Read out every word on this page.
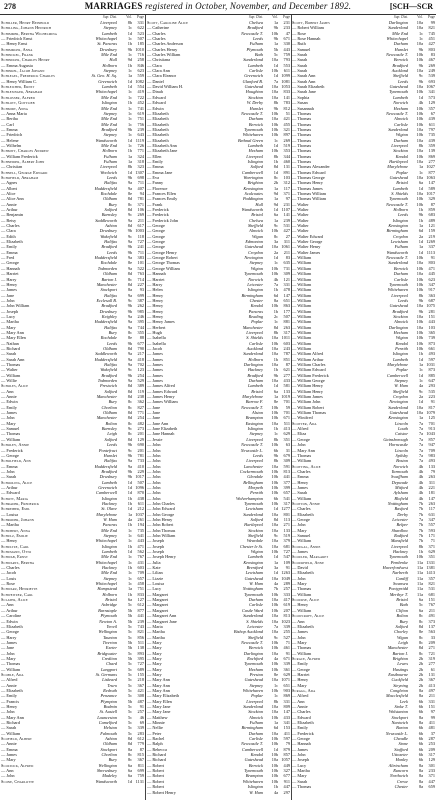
278	MARRIAGES registered in October, November, and December 1892.	[SCH—SCR
Sup. Dist.	Vol.	Page
Schiller, Henry Reinhold	Liverpool	8b	331
Schilling, Johann Heinrich	Stepney	1c	622
Schimmer, Bertha Wilhelmina	Lambeth	1d	523
— Friedrich Ernst	Whitechapel	1c	507
— Henry Ernst	St. Pancras	1b	185
Schimmler, Anna	Dewsbury	9b 1010
Schinckel, Frank	Mile End	1c	716
Schindler, Charles Henry	Hull	9d	258
— Emma Augusta	Holborn	1b	846
Schinkel, Jacob Johann	Stepney	1c	623
Schlegel, Frederick Charles	St. Geo. H. Sq.	1a	559
— Henry William C.	Greenwich	1d 1082
Schleicher, Ernst	Lambeth	1d	554
Schlesinger, Abraham	Whitechapel	1c	419
Schlosser, Alfred	Mile End	1c	722
Schlott, Gottlieb	Islington	1b	452
Schmidt, Anna	Mile End	1c	741
— Anna Maria	Stepney	1c	619
— Bertha	Mile End	1c	751
— Carl	Mile End	1c	756
— Emma	Bradford	9b	239
— Friedrich	Stepney	1c	643
— Helene	Wandsworth	1d 1119
— Wilhelm	Mile End	1c	726
Schmitt, Charles Andrew	Holborn	1b	771
— William Frederick	Fulham	1a	324
Schneider, Albert John	Fulham	1a	318
— Christian	Liverpool	8b	323
Schnell, George Edward	Woolwich	1d 1307
Schofield, Abraham	Leeds	9b	698
— Agnes	Halifax	9a	711
— Albert	Huddersfield	9a	407
— Alice	Rochdale	8e	94
— Alice Ann	Oldham	8d	781
— Annie	Bury	8c	371
— Arthur	Salford	8d	106
— Benjamin	Barnsley	9c	269
— Betsy	Saddleworth	9a	211
— Charles	Ashton	8d	617
— Clara	Dewsbury	9b 1003
— Edith	Wakefield	9c	118
— Elizabeth	Halifax	9a	727
— Emily	Bradford	9b	241
— Emma	Leeds	9b	711
— Fred	Huddersfield	9a	383
— George	Rochdale	8e	101
— Hannah	Todmorden	9a	522
— Harriet	Oldham	8d	763
— Harry	Barton I.	8c	714
— Henry	Manchester	8d	227
— James	Stockport	8a	93
— Jane	Halifax	9a	699
— John	Ecclesall B.	9c	387
— John William	Bradford	9b	262
— Joseph	Dewsbury	9b	985
— Lucy	Keighley	9a	246
— Martha	Huddersfield	9a	395
— Mary	Halifax	9a	744
— Mary Ann	Bury	8c	355
— Mary Ellen	Rochdale	8e	88
— Nathan	Leeds	9b	677
— Richard	Oldham	8d	790
— Sarah	Saddleworth	9a	217
— Sarah Ann	Huddersfield	9a	418
— Thomas	Halifax	9a	702
— Walter	Wakefield	9c	123
— William	Bradford	9b	254
— Willie	Todmorden	9a	529
Scholes, Alice	Prestwich	8d	389
— Ann	Salford	8d	119
— Annie	Manchester	8d	238
— Edwin	Bury	8c	362
— Emily	Chorlton	8c	827
— James	Oldham	8d	771
— John	Manchester	8d	254
— Mary	Bolton	8c	482
— Samuel	Barnsley	9c	273
— Thomas	Leigh	8c	201
— William	Salford	8d	129
Scholey, Annie	Leeds	9b	690
— Frederick	Pontefract	9c	201
— George	Hunslet	9b	781
Scholfield, Ann	Halifax	9a	733
— Emma	Huddersfield	9a	410
— John	Bradford	9b	229
— Sarah	Dewsbury	9b 1017
Schooling, Alice	Lambeth	1d	507
— Arthur	Greenwich	1d 1096
— Edward	Camberwell	1d	870
Schott, Maria	Islington	1b	438
Schrader, Frederick	Hackney	1b	611
Schreiber, Emil	St. Olave	1d	212
— Louisa	Marylebone	1a 1037
Schroder, Johann	W. Ham	4a	261
— Martha	Pancras	1b	194
Schubert, Anna	Mile End	1c	735
Schulz, Emilie	Stepney	1c	641
— Henry	Whitechapel	1c	443
Schultze, Carl	Islington	1b	471
Schumann, Otto	Lambeth	1d	562
Schwab, Ernst	Mile End	1c	767
Schwartz, Bertha	Whitechapel	1c	431
— Charles	Hackney	1b	603
— Jacob	Mile End	1c	709
— Louis	Stepney	1c	657
— Rose	Whitechapel	1c	458
Schwarz, Henriette	Hampstead	1a	751
Schweitzer, Carl	Holborn	1b	833
Sclater, Alice	Bristol	6a	127
— Ann	Axbridge	5c	612
— Arthur	Barnstaple	5b	877
— Caroline	Plymouth	5b	441
— Edwin	Newton A.	5b	239
— Elizabeth	Yeovil	5c	743
— George	Wellington	5c	821
— Harry	Taunton	5c	856
— James	Tiverton	5b	511
— Jane	Exeter	5b	138
— John	Bridgwater	5c	893
— Mary	Crediton	5b	395
— Thomas	Chard	5c	727
— William	Langport	5c	689
Scoble, Ada	St. Germans	5c	155
— Alfred	Liskeard	5c	218
— Annie	Truro	5c	367
— Elizabeth	Redruth	5c	421
— Emily	Penzance	5c	308
— Francis	Plympton	5b	487
— Henry	Bodmin	5c	91
— John	St. Austell	5c	257
— Mary Ann	Launceston	5c	46
— Richard	Camelford	5c	69
— Sarah	Helston	5c	339
— William	Falmouth	5c	283
Scofield, Albert	Ashton	8d	612
— Annie	Oldham	8d	779
— Emma	Stockport	8a	87
— James	Chorlton	8c	815
— Mary	Bury	8c	367
Scoltock, Alfred	Wellington	6a	811
— Ann	Shrewsbury	6a	699
— John	Madeley	6a	759
Scone, Charlotte	Wandsworth	1d 1131
Sup. Dist.	Vol.	Page
Scott, Caroline Alice	Chelsea	1a	231
— Catherine	Bradford	9b	233
— Charles	Newcastle T.	10b	47
— Charles	Leeds	9b	671
— Charles Anderson	Fulham	1a	330
— Charles Henry	Plymouth	5b	443
— Charles William	Bath	5c	759
— Christiana	Sunderland	10a	793
— Clara	Lambeth	1d	553
— Clara Ann	Carlisle	10b	611
— Clara Eleanor	Greenwich	1d 1099
— Daniel	Glanford B.	7a 1081
— David William H.	Gateshead	10a 1053
— Dinah	Houghton	10a	833
— Edward	Stockton	10a	141
— Edward	W. Derby	8b	783
— Edwin	Hunslet	9b	812
— Elizabeth	Newcastle T.	10b	51
— Elizabeth	Durham	10a	421
— Elizabeth	Berwick	10b	455
— Elizabeth	Tynemouth	10b	321
— Elizabeth	Whitehaven	10b	897
— Elizabeth	Bethnal Green	1c	269
— Elizabeth Ann	Lambeth	1d	519
— Elizabeth Jane	Hexham	10b	353
— Ellen	Liverpool	8b	344
— Emily	Islington	1b	460
— Emma	Salford	8d	131
— Emma Jane	Camberwell	1d	891
— Eva	Warrington	8c	103
— Fanny	Brighton	2b	312
— Florence	Kensington	1a	117
— Frances Ellen	Sculcoates	9d	371
— Frances Emily	Paddington	1a	97
— Frank	Hull	9d	231
— Frederick	Wandsworth	1d 1107
— Frederick	Bristol	6a	141
— Frederick John	Chelsea	1a	239
— George	Sheffield	9c	531
— George	Alnwick	10b	427
— George	Wigan	8c	27
— George	Edmonton	3a	311
— George	Gateshead	10a 1061
— George Henry	Croydon	2a	211
— George Robert	Newington	1d	83
— George Thomas	Stepney	1c	635
— George William	Wigton	10b	731
— Hannah	Tynemouth	10b	309
— Harriet	Norwich	4b	121
— Harry	Leicester	7a	331
— Helen	Islington	1b	478
— Henry	Birmingham	6d	147
— Henry	Chester	8a	651
— Henry	Kendal	10b	863
— Henry	Pancras	1b	177
— Henry	Reading	2c	507
— Henry James	Poplar	1c	881
— Herbert	Manchester	8d	263
— Hugh	Liverpool	8b	317
— Isabella	S. Shields	10a 1011
— Isabella	Carlisle	10b	603
— Jacob	Auckland	10a	243
— James	Sunderland	10a	787
— James	Holborn	1b	851
— James	Darlington	10a	87
— James	Hackney	1b	621
— James	Bradford	9b	277
— James	Durham	10a	433
— James Alfred	Lambeth	1d	581
— James Edward	Bristol	6a	133
— James Henry	Marylebone	1a 1019
— James William	Barrow F.	8e	701
— Jane	Newcastle T.	10b	59
— Jane	Alston	10b	701
— Jane	Brampton	10b	671
— Jane Ann	Easington	10a	511
— Jane Elizabeth	Islington	1b	413
— Jane Hannah	Stepney	1c	629
— Jessie	Liverpool	8b	351
— John	Newcastle T.	10b	63
— John	Newcastle L.	6b	31
— John	Leeds	9b	679
— John	Liverpool	8b	309
— John	Lanchester	10a	591
— John	Cockermouth	10b	813
— John	Glendale	10b	441
— John	Bellingham	10b	377
— John	Morpeth	10b	399
— John	Penrith	10b	657
— John	Wolverhampton	6b	541
— John Charles	Tynemouth	10b	317
— John Edward	Lewisham	1d 1277
— John George	Sunderland	10a	801
— John Henry	Salford	8d	113
— John Robert	Hartlepool	10a	271
— John Thomas	Stockton	10a	133
— John William	Sheffield	9c	519
— Joseph	Weardale	10a	379
— Joseph	Chester le St.	10a	681
— Joseph	Wigton	10b	727
— Joseph Henry	Lambeth	1d	547
— Julia	Kensington	1a	109
— Kate	Brentford	3a	91
— Lilian	Lewisham	1d 1263
— Lizzie	Gateshead	10a 1049
— Louisa	W. Ham	4a	289
— Lucy	Nottingham	7b	257
— Margaret	Tynemouth	10b	333
— Margaret	Durham	10a	417
— Margaret	Carlisle	10b	619
— Margaret	Castle Ward	10b	207
— Margaret Ann	Sunderland	10a	813
— Margaret Jane	S. Shields	10a 1023
— Maria	Leicester	7a	339
— Martha	Bishop Auckland	10a	255
— Martha	Sheffield	9c	527
— Mary	Newcastle T.	10b	71
— Mary	Berwick	10b	461
— Mary	Darlington	10a	91
— Mary	Rochford	4a	671
— Mary	Tynemouth	10b	339
— Mary	Hexham	10b	361
— Mary	Preston	8e	629
— Mary Ann	Gateshead	10a 1071
— Mary Ann	Stepney	1c	651
— Mary Ann	Whitehaven	10b	903
— Mary Elizabeth	Poplar	1c	869
— Mary Ellen	Liverpool	8b	331
— Mary Jane	Sunderland	10a	809
— Mary Jane	Stockton	10a	147
— Matthew	Alnwick	10b	433
— Minnie	Fulham	1a	341
— Nellie	Birmingham	6d	153
— Peter	Durham	10a	411
— Rachel	Carlisle	10b	597
— Ralph	Newcastle T.	10b	79
— Rebecca	Camberwell	1d	879
— Richard	Kendal	10b	857
— Richard	Gateshead	10a 1057
— Robert	Berwick	10b	449
— Robert	Tynemouth	10b	327
— Robert	Brampton	10b	677
— Robert	Whitehaven	10b	911
— Robert	Islington	1b	447
— Robert Henry	W. Ham	4a	297
Sup. Dist.	Vol.	Page
Scott, Robert James	Darlington	10a	99
— Robert William	Sunderland	10a	821
— Rose	Mile End	1c	745
— Rose Hannah	Whitechapel	1c	451
— Ruth	Durham	10a	427
— Samuel	Hunslet	9b	803
— Sarah	Newcastle T.	10b	83
— Sarah	Berwick	10b	467
— Sarah	Bradford	9b	269
— Sarah	Auckland	10a	249
— Sarah Ann	Sheffield	9c	539
— Sarah Ann	Leeds	9b	693
— Sarah Elizabeth	Gateshead	10a 1067
— Sarah Jane	Tynemouth	10b	341
— Sophia	Lambeth	1d	573
— Susan	Norwich	4b	129
— Susannah	Hexham	10b	357
— Thomas	Newcastle T.	10b	67
— Thomas	Alnwick	10b	439
— Thomas	Carlisle	10b	611
— Thomas	Sunderland	10a	797
— Thomas	Wigton	10b	735
— Thomas	Durham	10a	439
— Thomas	Liverpool	8b	359
— Thomas	Stockton	10a	139
— Thomas	Kendal	10b	869
— Thomas	Hartlepool	10a	277
— Thomas Alexander	Marylebone	1a 1027
— Thomas Edward	Poplar	1c	877
— Thomas George	Gateshead	10a 1063
— Thomas Henry	Bristol	6a	147
— Thomas James	Lambeth	1d	589
— Thomas William	S. Shields	10a 1017
— Thomas William	Tynemouth	10b	329
— Walter	Newcastle T.	10b	87
— Walter	Holborn	1b	859
— Walter	Leeds	9b	683
— Walter	Islington	1b	489
— Walter	Kensington	1a	121
— Walter	Birmingham	6d	159
— Walter Edward	Croydon	2a	219
— Walter George	Lewisham	1d 1269
— Walter Henry	Fulham	1a	337
— Walter James	Wandsworth	1d 1113
— William	Newcastle T.	10b	91
— William	Sunderland	10a	803
— William	Berwick	10b	471
— William	Durham	10a	445
— William	Carlisle	10b	623
— William	Tynemouth	10b	347
— William	Whitehaven	10b	917
— William	Liverpool	8b	363
— William	Leeds	9b	687
— William	Gateshead	10a 1075
— William	Bradford	9b	281
— William	Stockton	10a	151
— William	Alnwick	10b	443
— William	Darlington	10a	103
— William	Hexham	10b	365
— William	Wigton	10b	739
— William	Kendal	10b	873
— William	Penrith	10b	661
— William Alfred	Islington	1b	493
— William Arthur	Lambeth	1d	597
— William Charles	Marylebone	1a 1031
— William Edward	Poplar	1c	873
— William Frederick	Camberwell	1d	885
— William George	Stepney	1c	647
— William Henry	W. Ham	4a	293
— William Henry	Sheffield	9c	535
— William James	Croydon	2a	223
— William John	Newington	1d	91
— William Robert	Sunderland	10a	817
— William Thomas	Gateshead	10a 1079
— Winifred	Kensington	1a	125
Scotter, Ada	Lincoln	7a	701
— Alfred	Louth	7a	913
— Eliza	Caistor	7a 1043
— George	Gainsborough	7a	857
— John	Horncastle	7a	947
— Mary Ann	Lincoln	7a	709
— Thomas	Spilsby	7a	983
— William	Boston	7a	493
Scotting, Alice	Norwich	4b	133
— Charles	Yarmouth	4b	79
— Emma	Swaffham	4b	263
— Henry	Depwade	4b	311
— James	Mitford	4b	221
— Sarah	Aylsham	4b	181
— William	Blofield	4b	147
Scotton, Annie	Nottingham	7b	263
— Charles	Basford	7b	117
— Elizabeth	Derby	7b	631
— George	Leicester	7a	347
— John	Belper	7b	557
— Mary	Shardlow	7b	593
— Samuel	Radford	7b	171
— William	Mansfield	7b	71
Scougal, Annie	Liverpool	8b	371
— James	Hackney	1b	629
Scouler, Margaret	Tynemouth	10b	351
Scourfield, Anne	Pembroke	11a 1331
— David	Haverfordwest	11a 1381
— Elizabeth	Narberth	11a 1413
— John	Cardiff	11a	357
— Mary	Swansea	11a	821
— Thomas	Pontypridd	11a	531
— William	Merthyr T.	11a	681
Scourse, Alice	Bristol	6a	151
— Henry	Bath	5c	767
— William	Clifton	6a	211
Scowcroft, Alice	Bolton	8c	491
— Ann	Bury	8c	373
— Elizabeth	Salford	8d	137
— James	Chorley	8e	563
— John	Wigan	8c	33
— Mary	Leigh	8c	209
— Thomas	Manchester	8d	271
— William	Barton I.	8c	721
Scrace, Alfred	Brighton	2b	319
— Emily	Lewes	2b	277
— George	Hastings	2b	61
— Harriet	Eastbourne	2b	131
— Henry	Cuckfield	2b	367
— Mary	Steyning	2b	413
Scragg, Ada	Congleton	8a	497
— Alfred	Macclesfield	8a	211
— Ann	Leek	6b	331
— Annie	Stoke T.	6b	151
— Charles	Wolstanton	6b	97
— Edward	Stockport	8a	99
— Elizabeth	Nantwich	8a	411
— Emily	Burton	6b	481
— Frederick	Newcastle L.	6b	37
— George	Cheadle	6b	287
— Hannah	Stone	6b	253
— James	Stafford	6b	209
— John	Uttoxeter	6b	317
— Joseph	Hanley	6b	129
— Lucy	Altrincham	8a	301
— Martha	Runcorn	8a	233
— Mary	Northwich	8a	371
— Sarah	Crewe	8a	447
— Thomas	Chester	8a	659
